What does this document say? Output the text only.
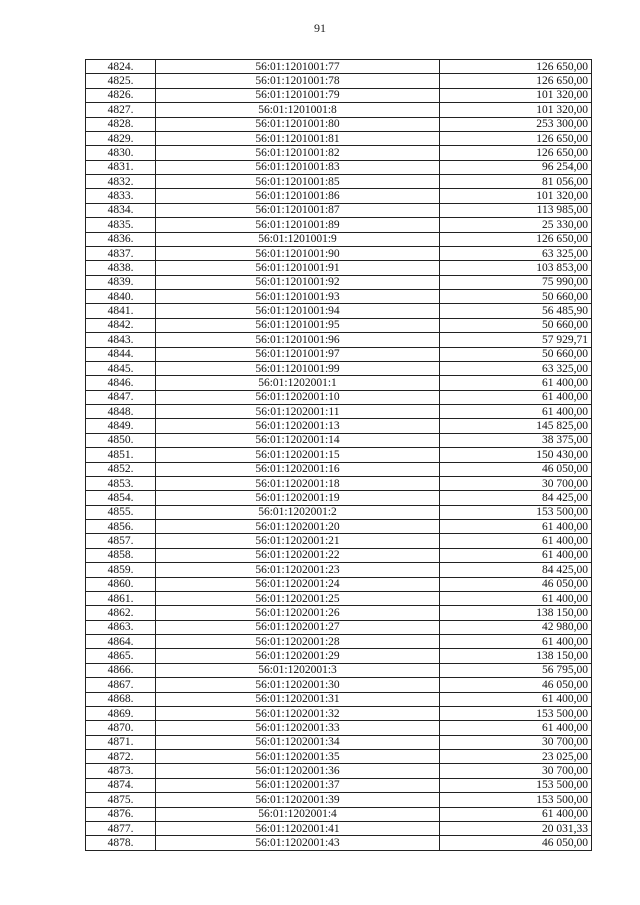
91
4824.	56:01:1201001:77	126 650,00
4825.	56:01:1201001:78	126 650,00
4826.	56:01:1201001:79	101 320,00
4827.	56:01:1201001:8	101 320,00
4828.	56:01:1201001:80	253 300,00
4829.	56:01:1201001:81	126 650,00
4830.	56:01:1201001:82	126 650,00
4831.	56:01:1201001:83	96 254,00
4832.	56:01:1201001:85	81 056,00
4833.	56:01:1201001:86	101 320,00
4834.	56:01:1201001:87	113 985,00
4835.	56:01:1201001:89	25 330,00
4836.	56:01:1201001:9	126 650,00
4837.	56:01:1201001:90	63 325,00
4838.	56:01:1201001:91	103 853,00
4839.	56:01:1201001:92	75 990,00
4840.	56:01:1201001:93	50 660,00
4841.	56:01:1201001:94	56 485,90
4842.	56:01:1201001:95	50 660,00
4843.	56:01:1201001:96	57 929,71
4844.	56:01:1201001:97	50 660,00
4845.	56:01:1201001:99	63 325,00
4846.	56:01:1202001:1	61 400,00
4847.	56:01:1202001:10	61 400,00
4848.	56:01:1202001:11	61 400,00
4849.	56:01:1202001:13	145 825,00
4850.	56:01:1202001:14	38 375,00
4851.	56:01:1202001:15	150 430,00
4852.	56:01:1202001:16	46 050,00
4853.	56:01:1202001:18	30 700,00
4854.	56:01:1202001:19	84 425,00
4855.	56:01:1202001:2	153 500,00
4856.	56:01:1202001:20	61 400,00
4857.	56:01:1202001:21	61 400,00
4858.	56:01:1202001:22	61 400,00
4859.	56:01:1202001:23	84 425,00
4860.	56:01:1202001:24	46 050,00
4861.	56:01:1202001:25	61 400,00
4862.	56:01:1202001:26	138 150,00
4863.	56:01:1202001:27	42 980,00
4864.	56:01:1202001:28	61 400,00
4865.	56:01:1202001:29	138 150,00
4866.	56:01:1202001:3	56 795,00
4867.	56:01:1202001:30	46 050,00
4868.	56:01:1202001:31	61 400,00
4869.	56:01:1202001:32	153 500,00
4870.	56:01:1202001:33	61 400,00
4871.	56:01:1202001:34	30 700,00
4872.	56:01:1202001:35	23 025,00
4873.	56:01:1202001:36	30 700,00
4874.	56:01:1202001:37	153 500,00
4875.	56:01:1202001:39	153 500,00
4876.	56:01:1202001:4	61 400,00
4877.	56:01:1202001:41	20 031,33
4878.	56:01:1202001:43	46 050,00
